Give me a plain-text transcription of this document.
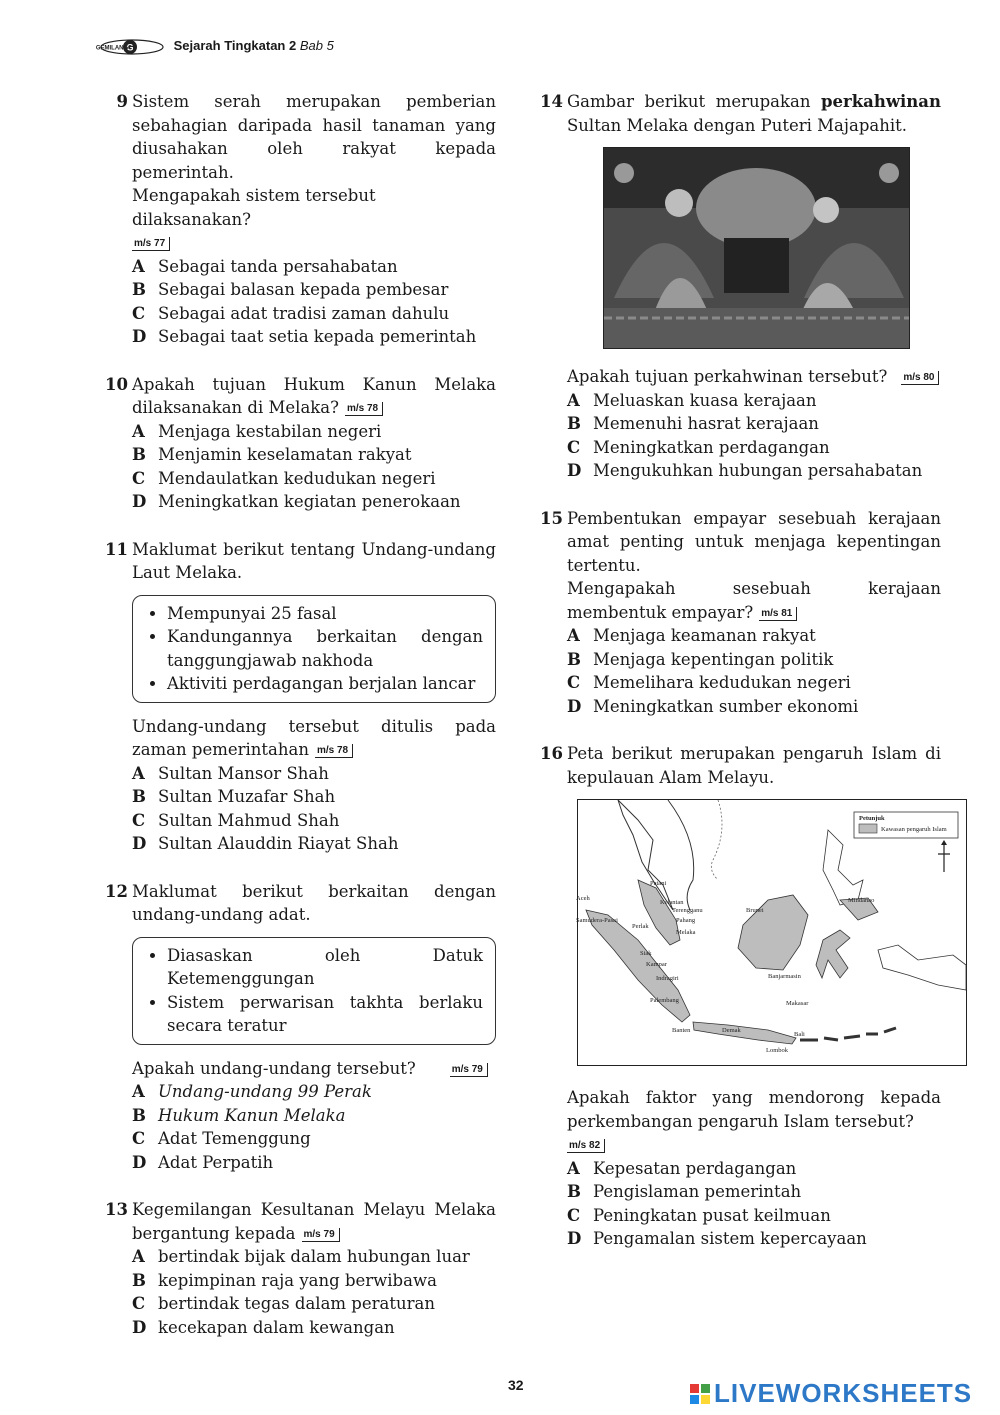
G
GEMILANG	Sejarah Tingkatan 2 Bab 5
9 Sistem serah merupakan pemberian sebahagian daripada hasil tanaman yang diusahakan oleh rakyat kepada pemerintah.
Mengapakah sistem tersebut dilaksanakan?
m/s 77
A Sebagai tanda persahabatan
B Sebagai balasan kepada pembesar
C Sebagai adat tradisi zaman dahulu
D Sebagai taat setia kepada pemerintah
10 Apakah tujuan Hukum Kanun Melaka dilaksanakan di Melaka? m/s 78
A Menjaga kestabilan negeri
B Menjamin keselamatan rakyat
C Mendaulatkan kedudukan negeri
D Meningkatkan kegiatan penerokaan
11 Maklumat berikut tentang Undang-undang Laut Melaka.
• Mempunyai 25 fasal
• Kandungannya berkaitan dengan tanggungjawab nakhoda
• Aktiviti perdagangan berjalan lancar
Undang-undang tersebut ditulis pada zaman pemerintahan m/s 78
A Sultan Mansor Shah
B Sultan Muzafar Shah
C Sultan Mahmud Shah
D Sultan Alauddin Riayat Shah
12 Maklumat berikut berkaitan dengan undang-undang adat.
• Diasaskan oleh Datuk Ketemenggungan
• Sistem perwarisan takhta berlaku secara teratur
Apakah undang-undang tersebut?	m/s 79
A Undang-undang 99 Perak
B Hukum Kanun Melaka
C Adat Temenggung
D Adat Perpatih
13 Kegemilangan Kesultanan Melayu Melaka bergantung kepada m/s 79
A bertindak bijak dalam hubungan luar
B kepimpinan raja yang berwibawa
C bertindak tegas dalam peraturan
D kecekapan dalam kewangan
14 Gambar berikut merupakan perkahwinan Sultan Melaka dengan Puteri Majapahit.
Apakah tujuan perkahwinan tersebut? m/s 80
A Meluaskan kuasa kerajaan
B Memenuhi hasrat kerajaan
C Meningkatkan perdagangan
D Mengukuhkan hubungan persahabatan
15 Pembentukan empayar sesebuah kerajaan amat penting untuk menjaga kepentingan tertentu.
Mengapakah sesebuah kerajaan membentuk empayar? m/s 81
A Menjaga keamanan rakyat
B Menjaga kepentingan politik
C Memelihara kedudukan negeri
D Meningkatkan sumber ekonomi
16 Peta berikut merupakan pengaruh Islam di kepulauan Alam Melayu.
Petunjuk
Kawasan pengaruh Islam
Patani
Aceh
Kelantan
Terengganu
Samudera-Pasai	Pahang
Perlak
Melaka
Brunei
Mindanao
Siak
Kampar
Indragiri
Palembang
Banjarmasin
Makasar
Banten	Demak
Bali
Lombok
Apakah faktor yang mendorong kepada perkembangan pengaruh Islam tersebut?
m/s 82
A Kepesatan perdagangan
B Pengislaman pemerintah
C Peningkatan pusat keilmuan
D Pengamalan sistem kepercayaan
32	LIVEWORKSHEETS
